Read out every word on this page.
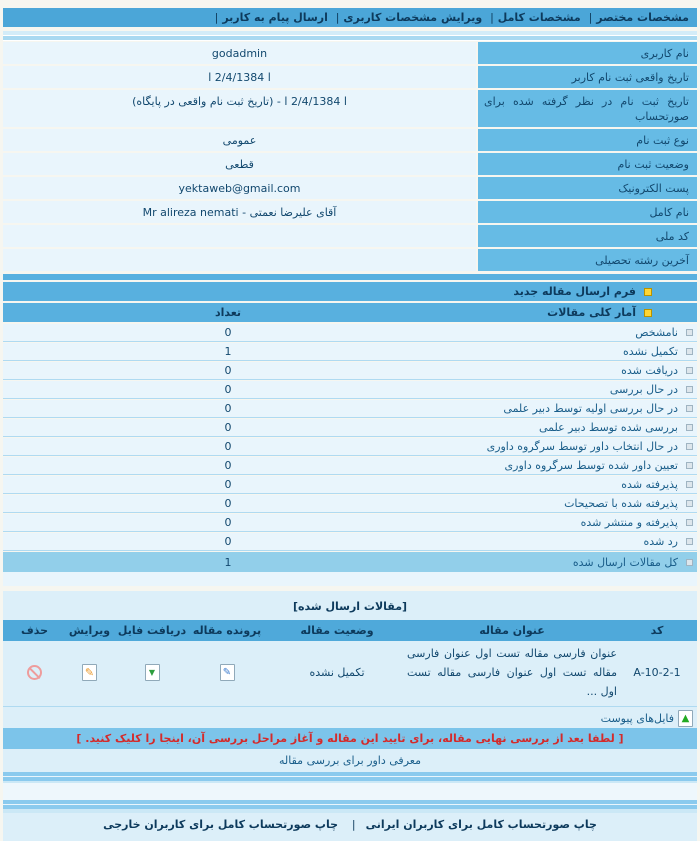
مشخصات مختصر| مشخصات کامل| ویرایش مشخصات کاربری| ارسال پیام به کاربر|
نام کاربری
godadmin
تاریخ واقعی ثبت نام کاربر
ا 2/4/1384 ا
تاریخ ثبت نام در نظر گرفته شده برای صورتحساب
ا 2/4/1384 ا - (تاریخ ثبت نام واقعی در پایگاه)
نوع ثبت نام
عمومی
وضعیت ثبت نام
قطعی
پست الکترونیک
yektaweb@gmail.com
نام کامل
آقای علیرضا نعمتی - Mr alireza nemati
کد ملی
آخرین رشته تحصیلی
فرم ارسال مقاله جدید
آمار کلی مقالات
تعداد
نامشخص
0
تکمیل نشده
1
دریافت شده
0
در حال بررسی
0
در حال بررسی اولیه توسط دبیر علمی
0
بررسی شده توسط دبیر علمی
0
در حال انتخاب داور توسط سرگروه داوری
0
تعیین داور شده توسط سرگروه داوری
0
پذیرفته شده
0
پذیرفته شده با تصحیحات
0
پذیرفته و منتشر شده
0
رد شده
0
کل مقالات ارسال شده
1
[مقالات ارسال شده]
کد
عنوان مقاله
وضعیت مقاله
پرونده مقاله
دریافت فایل
ویرایش
حذف
A-10-2-1
عنوان فارسی مقاله تست اول عنوان فارسی مقاله تست اول عنوان فارسی مقاله تست اول ...
تکمیل نشده
✎
▼
✎
▲
فایل‌های پیوست
[ لطفا بعد از بررسی نهایی مقاله، برای تایید این مقاله و آغاز مراحل بررسی آن، اینجا را کلیک کنید. ]
معرفی داور برای بررسی مقاله
چاپ صورتحساب کامل برای کاربران ایرانی| چاپ صورتحساب کامل برای کاربران خارجی
